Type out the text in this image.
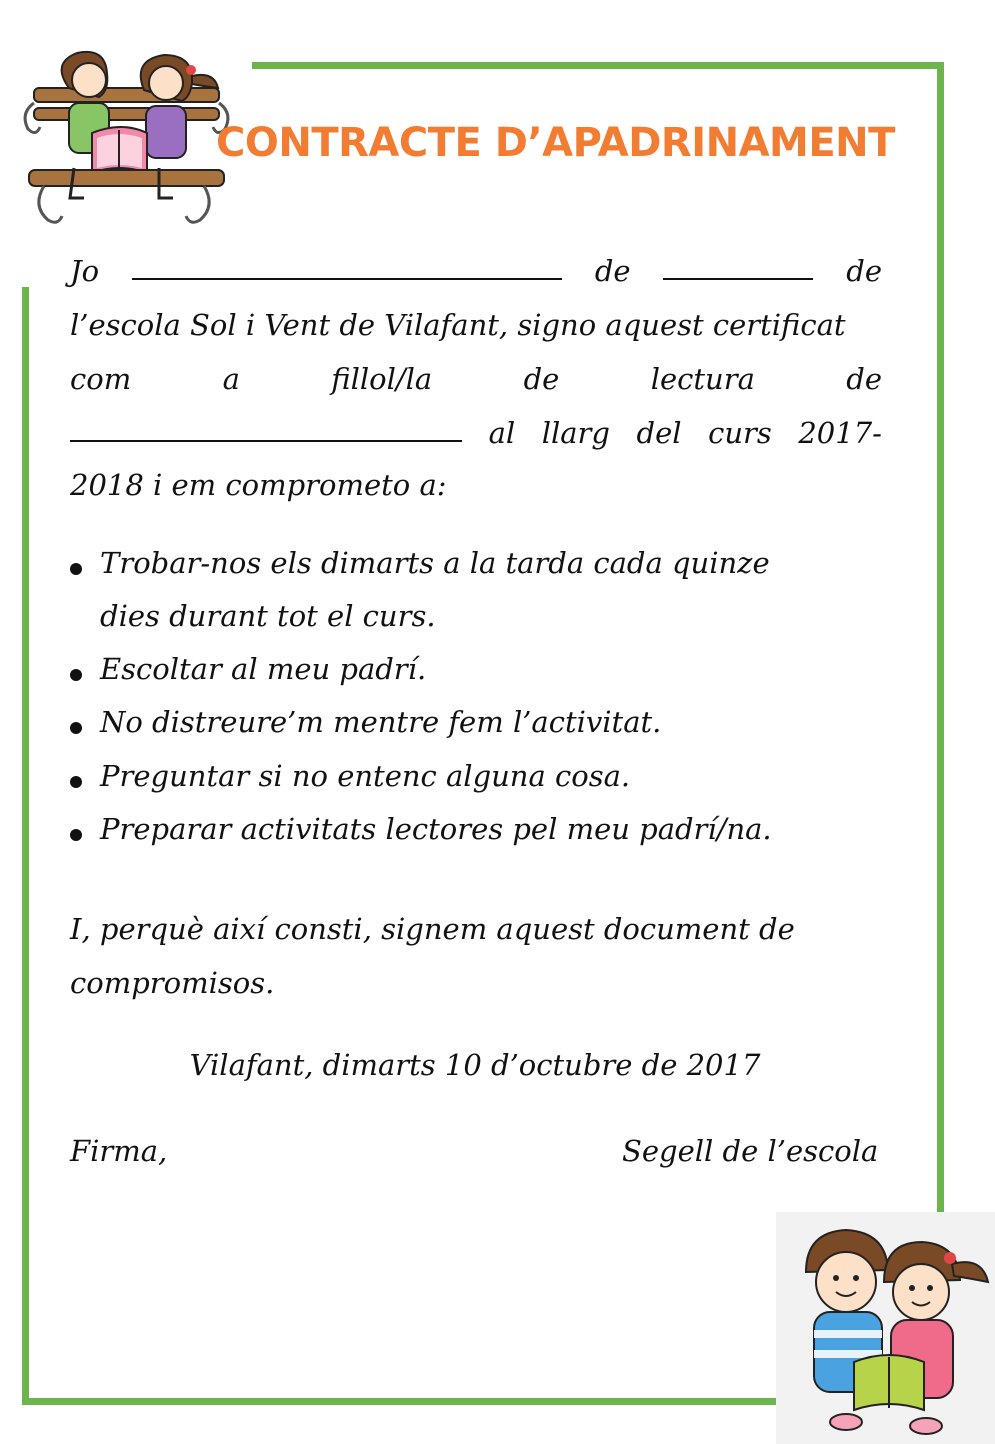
CONTRACTE D’APADRINAMENT
Jo	de	de
l’escola Sol i Vent de Vilafant, signo aquest certificat
com	a	fillol/la	de	lectura	de
al llarg del curs 2017-
2018 i em comprometo a:
Trobar-nos els dimarts a la tarda cada quinze
dies durant tot el curs.
Escoltar al meu padrí.
No distreure’m mentre fem l’activitat.
Preguntar si no entenc alguna cosa.
Preparar activitats lectores pel meu padrí/na.
I, perquè així consti, signem aquest document de
compromisos.
Vilafant, dimarts 10 d’octubre de 2017
Firma,	Segell de l’escola
